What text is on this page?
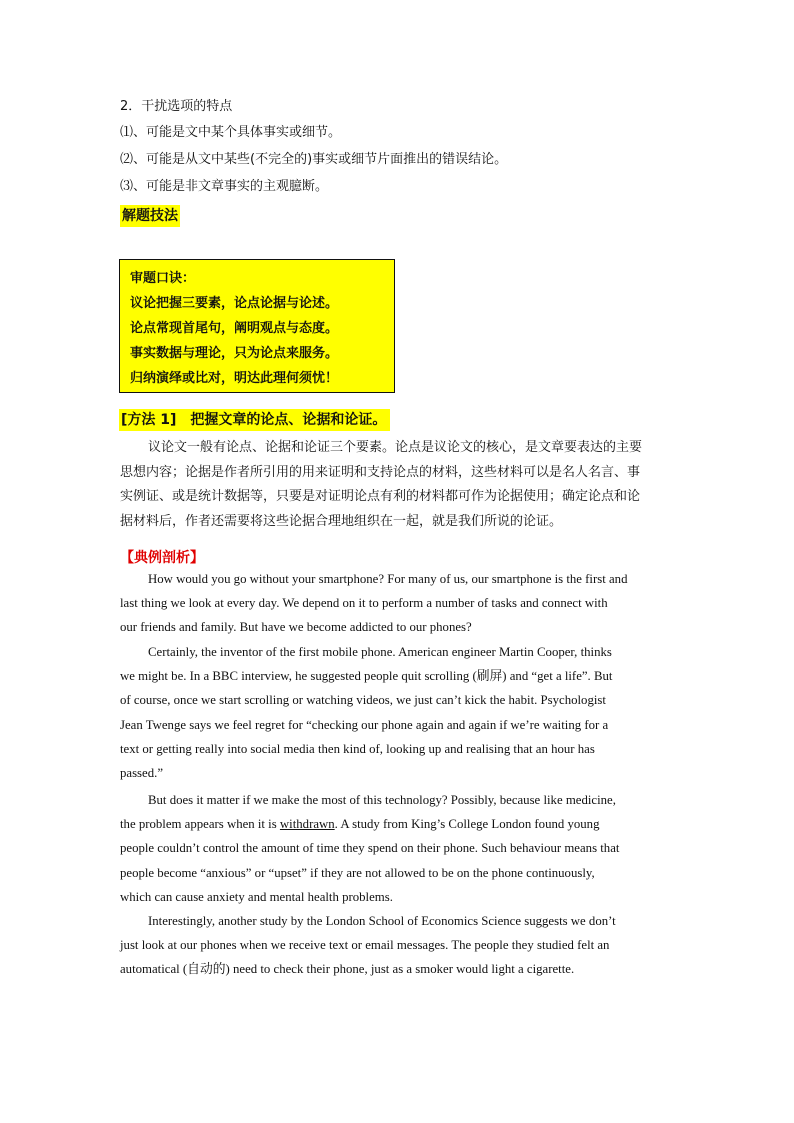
2．干扰选项的特点
⑴、可能是文中某个具体事实或细节。
⑵、可能是从文中某些(不完全的)事实或细节片面推出的错误结论。
⑶、可能是非文章事实的主观臆断。
解题技法
审题口诀：
议论把握三要素，论点论据与论述。
论点常现首尾句，阐明观点与态度。
事实数据与理论，只为论点来服务。
归纳演绎或比对，明达此理何须忧！
[方法 1] 把握文章的论点、论据和论证。

议论文一般有论点、论据和论证三个要素。论点是议论文的核心，是文章要表达的主要

思想内容；论据是作者所引用的用来证明和支持论点的材料，这些材料可以是名人名言、事

实例证、或是统计数据等，只要是对证明论点有利的材料都可作为论据使用；确定论点和论

据材料后，作者还需要将这些论据合理地组织在一起，就是我们所说的论证。

【典例剖析】

How would you go without your smartphone? For many of us, our smartphone is the first and

last thing we look at every day. We depend on it to perform a number of tasks and connect with

our friends and family. But have we become addicted to our phones?

Certainly, the inventor of the first mobile phone. American engineer Martin Cooper, thinks

we might be. In a BBC interview, he suggested people quit scrolling (刷屏) and “get a life”. But

of course, once we start scrolling or watching videos, we just can’t kick the habit. Psychologist

Jean Twenge says we feel regret for “checking our phone again and again if we’re waiting for a

text or getting really into social media then kind of, looking up and realising that an hour has

passed.”

But does it matter if we make the most of this technology? Possibly, because like medicine,

the problem appears when it is withdrawn. A study from King’s College London found young

people couldn’t control the amount of time they spend on their phone. Such behaviour means that

people become “anxious” or “upset” if they are not allowed to be on the phone continuously,

which can cause anxiety and mental health problems.

Interestingly, another study by the London School of Economics Science suggests we don’t

just look at our phones when we receive text or email messages. The people they studied felt an

automatical (自动的) need to check their phone, just as a smoker would light a cigarette.
